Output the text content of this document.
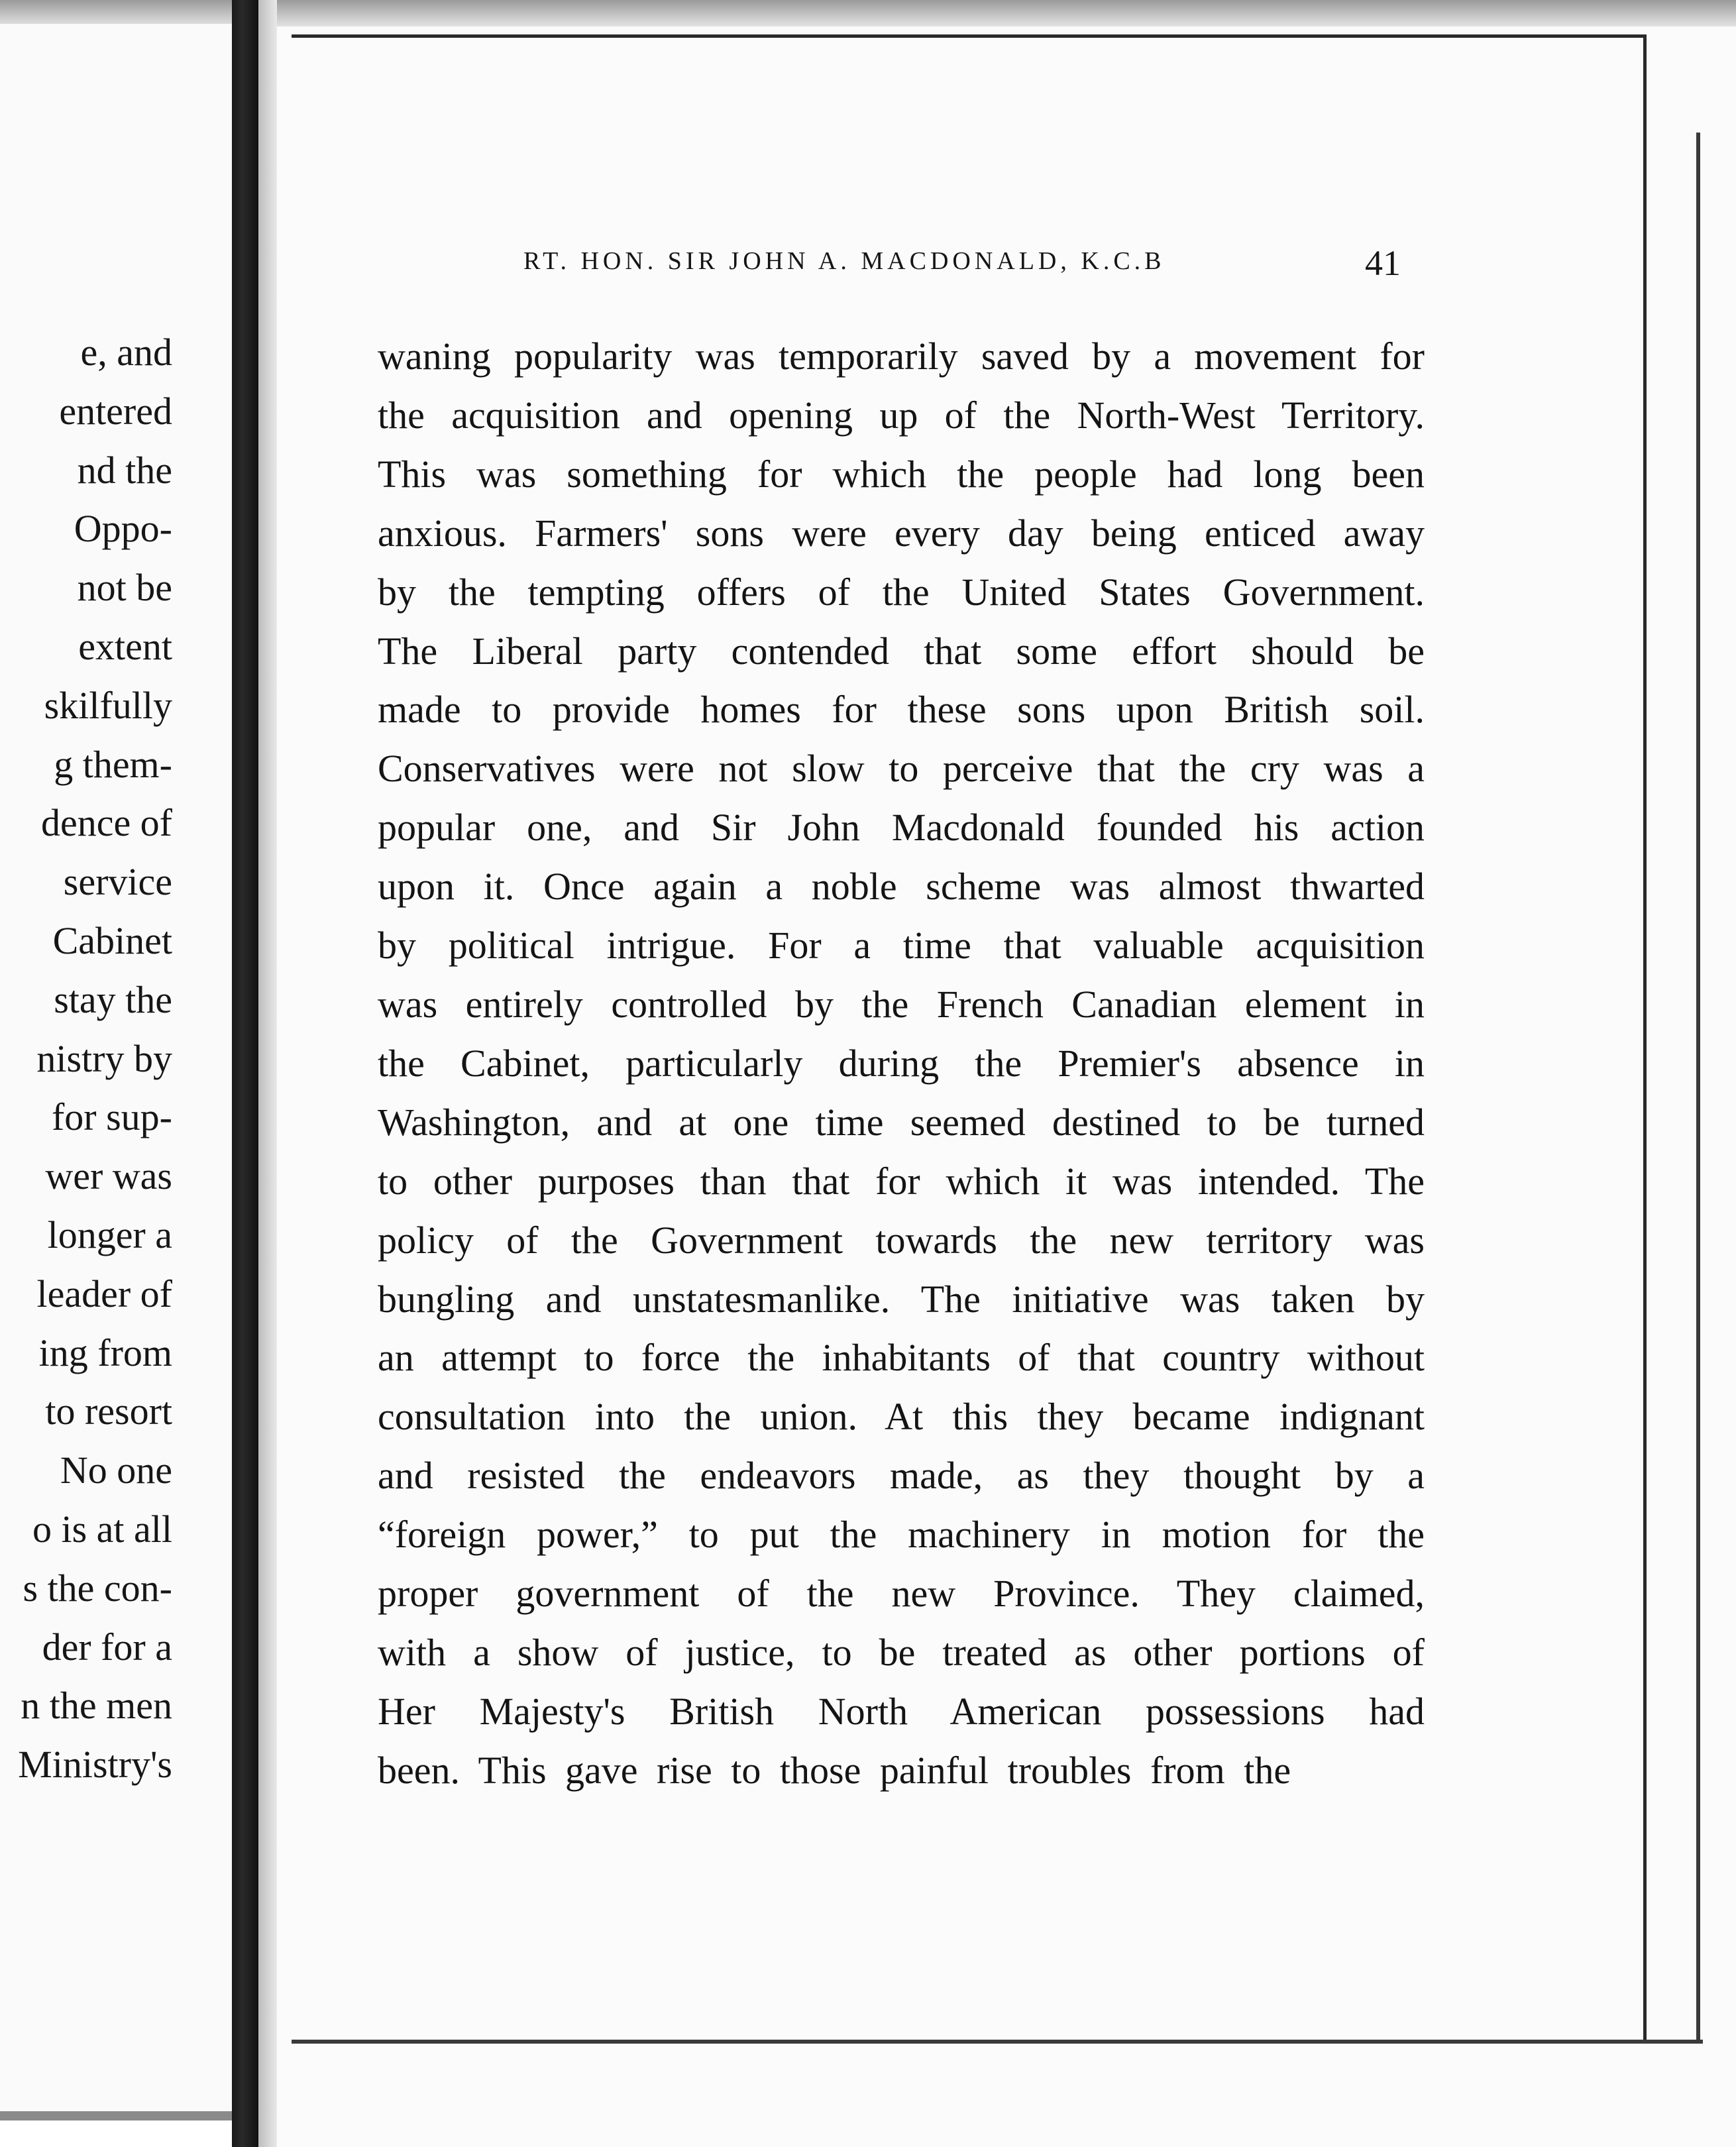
e, and
entered
nd the
Oppo-
not be
extent
skilfully
g them-
dence of
service
Cabinet
stay the
nistry by
for sup-
wer was
longer a
leader of
ing from
to resort
No one
o is at all
s the con-
der for a
n the men
Ministry's
RT. HON. SIR JOHN A. MACDONALD, K.C.B	41
waning popularity was temporarily saved by a movement for
the acquisition and opening up of the North-West Territory.
This was something for which the people had long been
anxious. Farmers' sons were every day being enticed away
by the tempting offers of the United States Government.
The Liberal party contended that some effort should be
made to provide homes for these sons upon British soil.
Conservatives were not slow to perceive that the cry was a
popular one, and Sir John Macdonald founded his action
upon it. Once again a noble scheme was almost thwarted
by political intrigue. For a time that valuable acquisition
was entirely controlled by the French Canadian element in
the Cabinet, particularly during the Premier's absence in
Washington, and at one time seemed destined to be turned
to other purposes than that for which it was intended. The
policy of the Government towards the new territory was
bungling and unstatesmanlike. The initiative was taken by
an attempt to force the inhabitants of that country without
consultation into the union. At this they became indignant
and resisted the endeavors made, as they thought by a
“foreign power,” to put the machinery in motion for the
proper government of the new Province. They claimed,
with a show of justice, to be treated as other portions of
Her Majesty's British North American possessions had
been. This gave rise to those painful troubles from the
